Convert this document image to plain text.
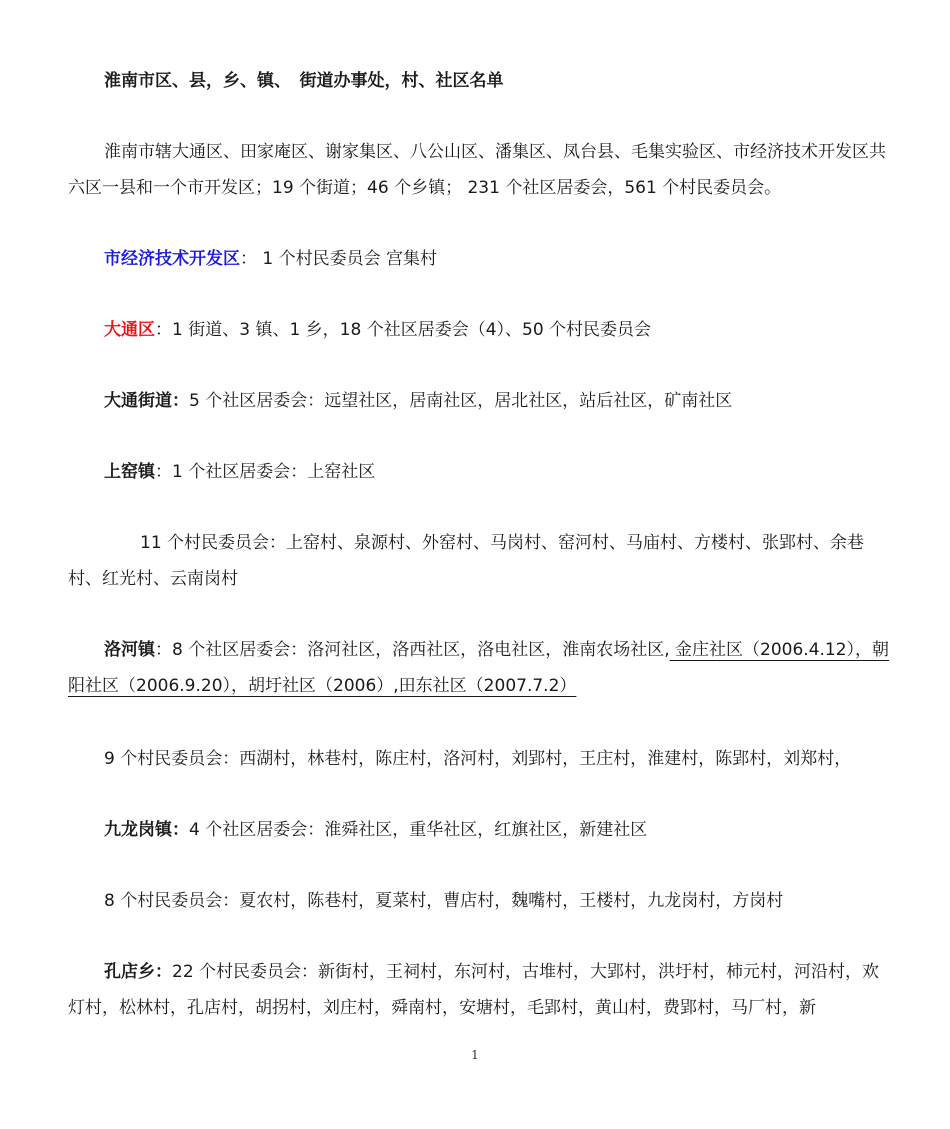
淮南市区、县，乡、镇、　街道办事处，村、社区名单

淮南市辖大通区、田家庵区、谢家集区、八公山区、潘集区、凤台县、毛集实验区、市经济技术开发区共六区一县和一个市开发区；19 个街道；46 个乡镇； 231 个社区居委会，561 个村民委员会。

市经济技术开发区： 1 个村民委员会 宫集村

大通区：1 街道、3 镇、1 乡，18 个社区居委会（4）、50 个村民委员会

大通街道：5 个社区居委会：远望社区，居南社区，居北社区，站后社区，矿南社区

上窑镇：1 个社区居委会：上窑社区

11 个村民委员会：上窑村、泉源村、外窑村、马岗村、窑河村、马庙村、方楼村、张郢村、余巷村、红光村、云南岗村

洛河镇：8 个社区居委会：洛河社区，洛西社区，洛电社区，淮南农场社区, 金庄社区（2006.4.12），朝阳社区（2006.9.20），胡圩社区（2006）,田东社区（2007.7.2）

9 个村民委员会：西湖村，林巷村，陈庄村，洛河村，刘郢村，王庄村，淮建村，陈郢村，刘郑村，

九龙岗镇：4 个社区居委会：淮舜社区，重华社区，红旗社区，新建社区

8 个村民委员会：夏农村，陈巷村，夏菜村，曹店村，魏嘴村，王楼村，九龙岗村，方岗村

孔店乡：22 个村民委员会：新街村，王祠村，东河村，古堆村，大郢村，洪圩村，柿元村，河沿村，欢灯村，松林村，孔店村，胡拐村，刘庄村，舜南村，安塘村，毛郢村，黄山村，费郢村，马厂村，新

1
